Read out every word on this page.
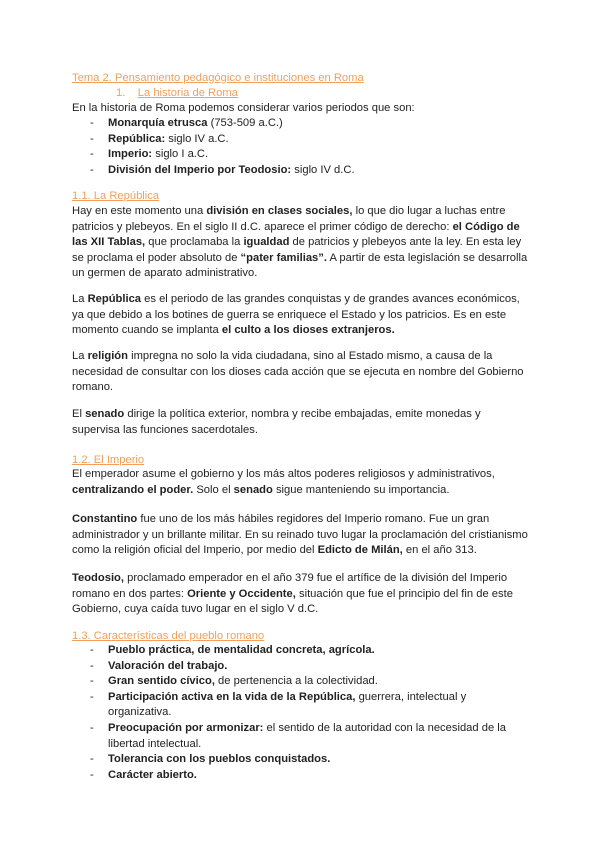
Tema 2. Pensamiento pedagógico e instituciones en Roma

1. La historia de Roma

En la historia de Roma podemos considerar varios periodos que son:

- Monarquía etrusca (753-509 a.C.)
- República: siglo IV a.C.
- Imperio: siglo I a.C.
- División del Imperio por Teodosio: siglo IV d.C.

1.1. La República

Hay en este momento una división en clases sociales, lo que dio lugar a luchas entre patricios y plebeyos. En el siglo II d.C. aparece el primer código de derecho: el Código de las XII Tablas, que proclamaba la igualdad de patricios y plebeyos ante la ley. En esta ley se proclama el poder absoluto de “pater familias”. A partir de esta legislación se desarrolla un germen de aparato administrativo.

La República es el periodo de las grandes conquistas y de grandes avances económicos, ya que debido a los botines de guerra se enriquece el Estado y los patricios. Es en este momento cuando se implanta el culto a los dioses extranjeros.

La religión impregna no solo la vida ciudadana, sino al Estado mismo, a causa de la necesidad de consultar con los dioses cada acción que se ejecuta en nombre del Gobierno romano.

El senado dirige la política exterior, nombra y recibe embajadas, emite monedas y supervisa las funciones sacerdotales.

1.2. El Imperio

El emperador asume el gobierno y los más altos poderes religiosos y administrativos, centralizando el poder. Solo el senado sigue manteniendo su importancia.

Constantino fue uno de los más hábiles regidores del Imperio romano. Fue un gran administrador y un brillante militar. En su reinado tuvo lugar la proclamación del cristianismo como la religión oficial del Imperio, por medio del Edicto de Milán, en el año 313.

Teodosio, proclamado emperador en el año 379 fue el artífice de la división del Imperio romano en dos partes: Oriente y Occidente, situación que fue el principio del fin de este Gobierno, cuya caída tuvo lugar en el siglo V d.C.

1.3. Características del pueblo romano

- Pueblo práctica, de mentalidad concreta, agrícola.
- Valoración del trabajo.
- Gran sentido cívico, de pertenencia a la colectividad.
- Participación activa en la vida de la República, guerrera, intelectual y organizativa.
- Preocupación por armonizar: el sentido de la autoridad con la necesidad de la libertad intelectual.
- Tolerancia con los pueblos conquistados.
- Carácter abierto.
